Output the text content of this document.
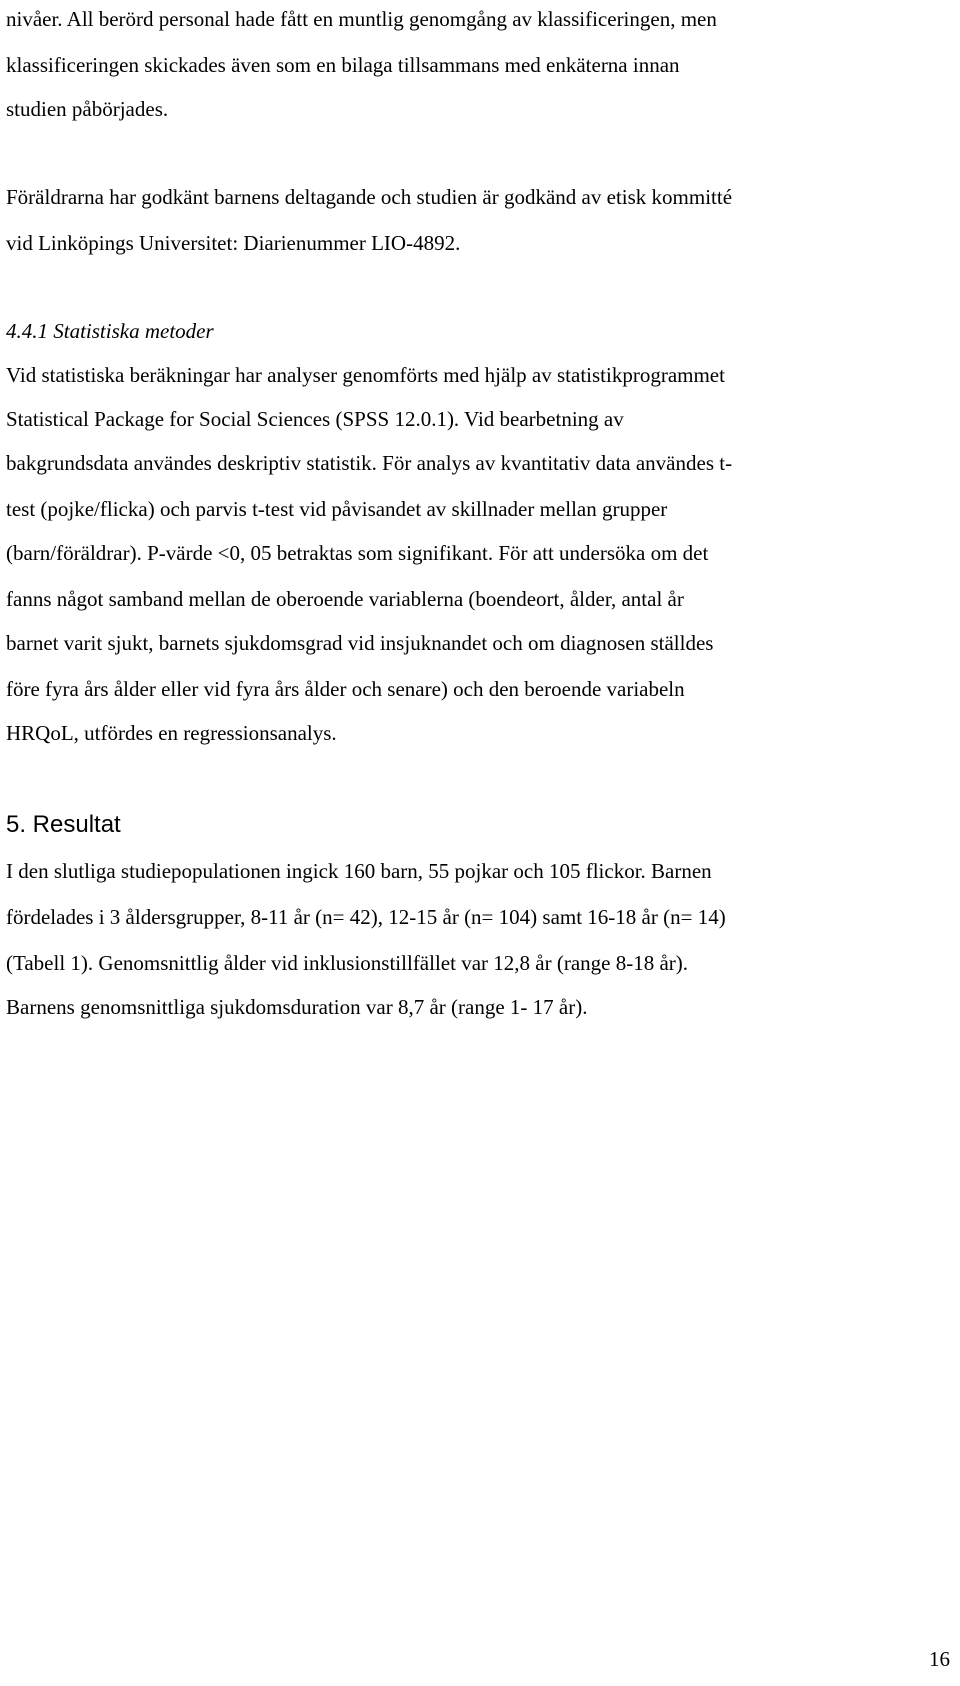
nivåer. All berörd personal hade fått en muntlig genomgång av klassificeringen, men
klassificeringen skickades även som en bilaga tillsammans med enkäterna innan
studien påbörjades.
Föräldrarna har godkänt barnens deltagande och studien är godkänd av etisk kommitté
vid Linköpings Universitet: Diarienummer LIO-4892.
4.4.1 Statistiska metoder
Vid statistiska beräkningar har analyser genomförts med hjälp av statistikprogrammet
Statistical Package for Social Sciences (SPSS 12.0.1). Vid bearbetning av
bakgrundsdata användes deskriptiv statistik. För analys av kvantitativ data användes t-
test (pojke/flicka) och parvis t-test vid påvisandet av skillnader mellan grupper
(barn/föräldrar). P-värde <0, 05 betraktas som signifikant. För att undersöka om det
fanns något samband mellan de oberoende variablerna (boendeort, ålder, antal år
barnet varit sjukt, barnets sjukdomsgrad vid insjuknandet och om diagnosen ställdes
före fyra års ålder eller vid fyra års ålder och senare) och den beroende variabeln
HRQoL, utfördes en regressionsanalys.
5. Resultat
I den slutliga studiepopulationen ingick 160 barn, 55 pojkar och 105 flickor. Barnen
fördelades i 3 åldersgrupper, 8-11 år (n= 42), 12-15 år (n= 104) samt 16-18 år (n= 14)
(Tabell 1). Genomsnittlig ålder vid inklusionstillfället var 12,8 år (range 8-18 år).
Barnens genomsnittliga sjukdomsduration var 8,7 år (range 1- 17 år).
16
